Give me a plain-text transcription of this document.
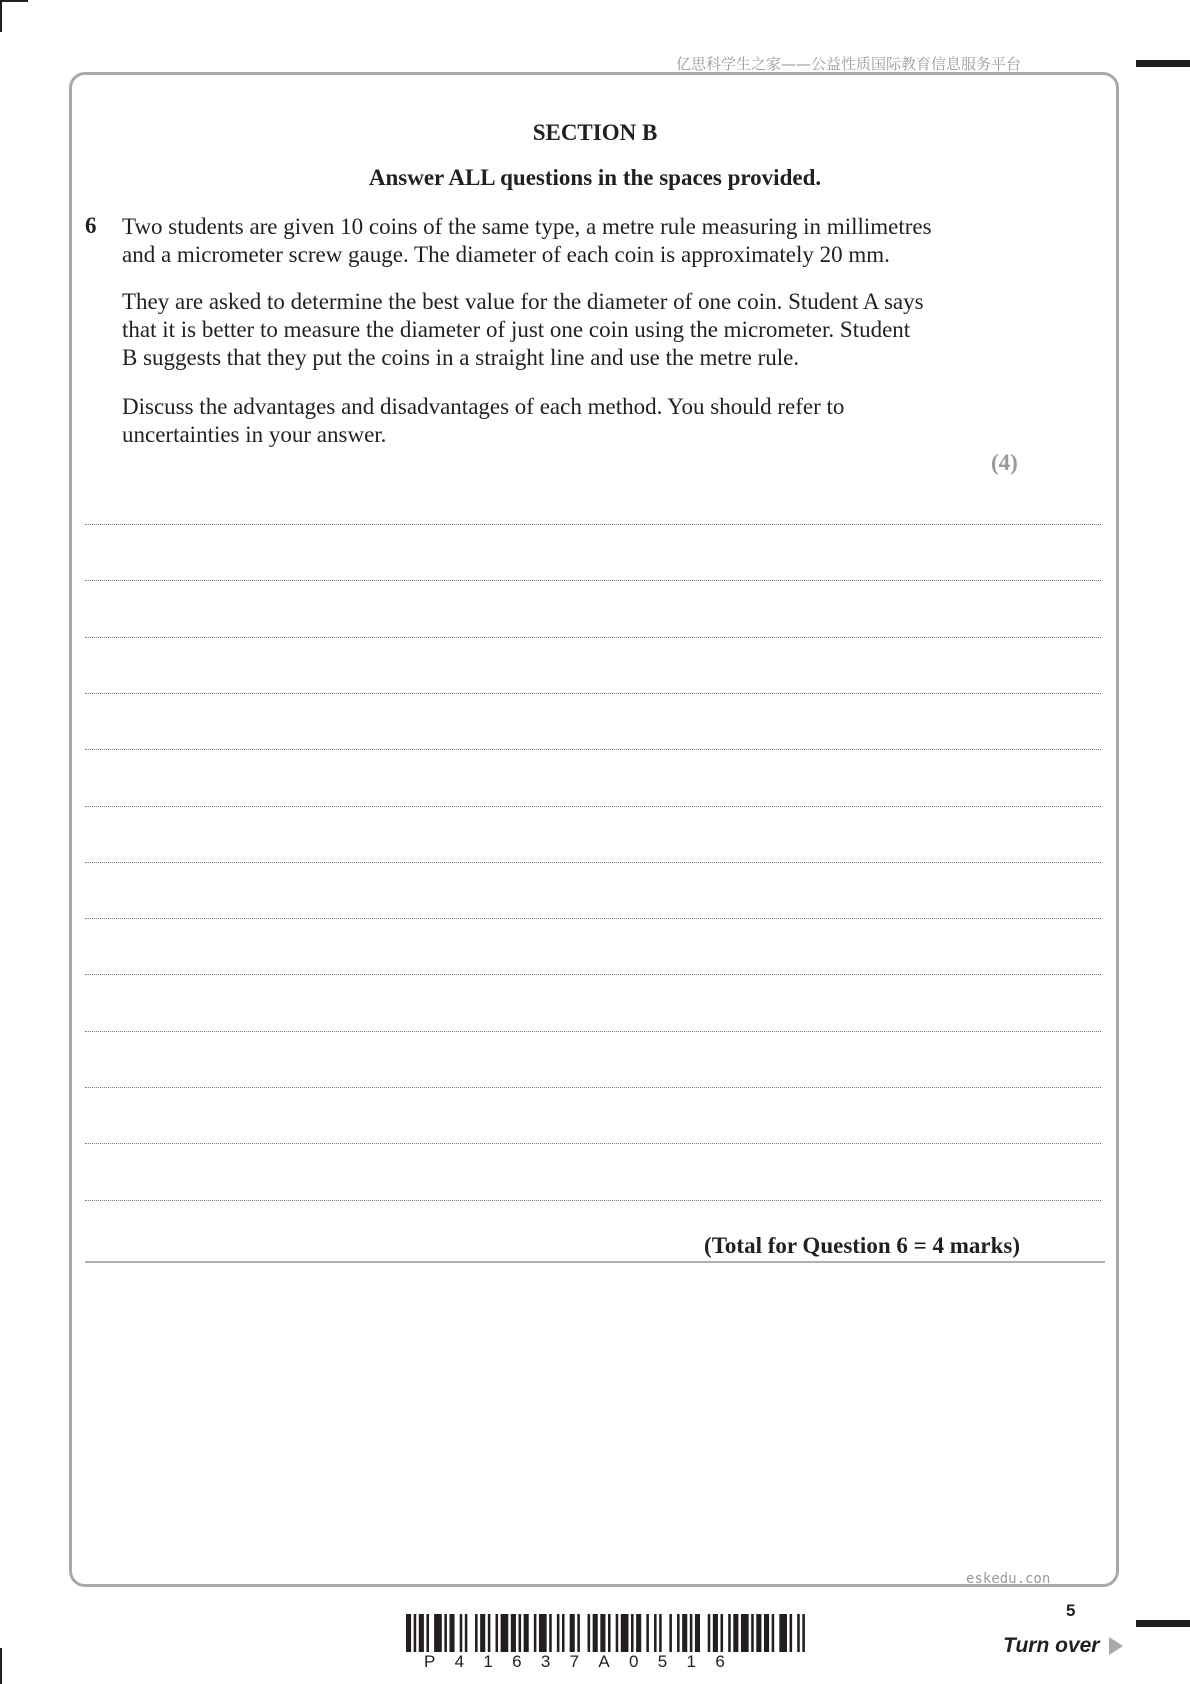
亿思科学生之家——公益性质国际教育信息服务平台
SECTION B
Answer ALL questions in the spaces provided.
6 Two students are given 10 coins of the same type, a metre rule measuring in millimetres
and a micrometer screw gauge. The diameter of each coin is approximately 20 mm.
They are asked to determine the best value for the diameter of one coin. Student A says
that it is better to measure the diameter of just one coin using the micrometer. Student
B suggests that they put the coins in a straight line and use the metre rule.
Discuss the advantages and disadvantages of each method. You should refer to
uncertainties in your answer.
(4)
(Total for Question 6 = 4 marks)
eskedu.con
5
P41637A0516
Turn over
